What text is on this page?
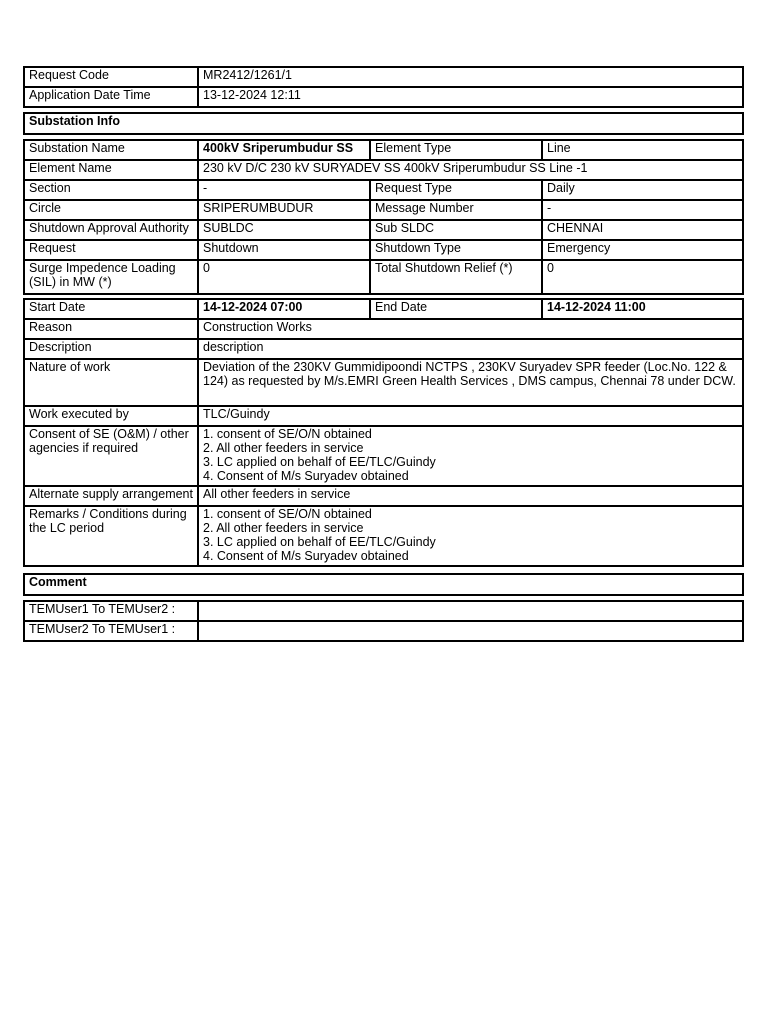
Request Code	MR2412/1261/1
Application Date Time	13-12-2024 12:11
Substation Info
Substation Name	400kV Sriperumbudur SS	Element Type	Line
Element Name	230 kV D/C 230 kV SURYADEV SS 400kV Sriperumbudur SS Line -1		
Section	-	Request Type	Daily
Circle	SRIPERUMBUDUR	Message Number	-
Shutdown Approval Authority	SUBLDC	Sub SLDC	CHENNAI
Request	Shutdown	Shutdown Type	Emergency
Surge Impedence Loading (SIL) in MW (*)	0	Total Shutdown Relief (*)	0
Start Date	14-12-2024 07:00	End Date	14-12-2024 11:00
Reason	Construction Works		
Description	description		
Nature of work	Deviation of the 230KV Gummidipoondi NCTPS , 230KV Suryadev SPR feeder (Loc.No. 122 & 124) as requested by M/s.EMRI Green Health Services , DMS campus, Chennai 78 under DCW.		
Work executed by	TLC/Guindy		
Consent of SE (O&M) / other agencies if required	1. consent of SE/O/N obtained
2. All other feeders in service
3. LC applied on behalf of EE/TLC/Guindy
4. Consent of M/s Suryadev obtained		
Alternate supply arrangement	All other feeders in service		
Remarks / Conditions during the LC period	1. consent of SE/O/N obtained
2. All other feeders in service
3. LC applied on behalf of EE/TLC/Guindy
4. Consent of M/s Suryadev obtained		
Comment
TEMUser1 To TEMUser2 :	
TEMUser2 To TEMUser1 :	
